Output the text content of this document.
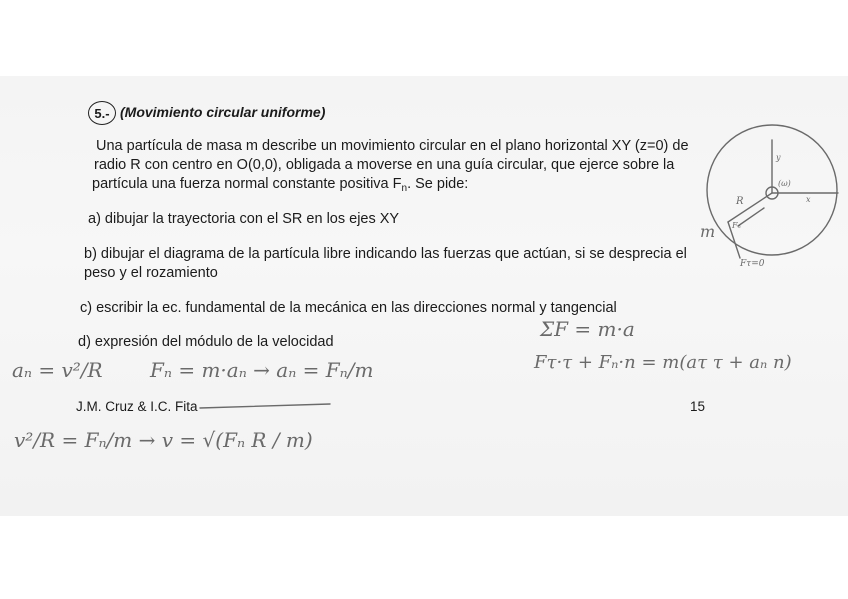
5.- (Movimiento circular uniforme)
Una partícula de masa m describe un movimiento circular en el plano horizontal XY (z=0) de
radio R con centro en O(0,0), obligada a moverse en una guía circular, que ejerce sobre la
partícula una fuerza normal constante positiva $F_n$. Se pide:
a) dibujar la trayectoria con el SR en los ejes XY
b) dibujar el diagrama de la partícula libre indicando las fuerzas que actúan, si se desprecia el
peso y el rozamiento
c) escribir la ec. fundamental de la mecánica en las direcciones normal y tangencial
d) expresión del módulo de la velocidad
J.M. Cruz & I.C. Fita	15
R
m Fₙ
Fτ=0
(ω)
x
y
ΣF = m·a
Fτ·τ + Fₙ·n = m(aτ τ + aₙ n)
aₙ = v²/R Fₙ = m·aₙ → aₙ = Fₙ/m
v²/R = Fₙ/m → v = √(Fₙ R / m)
